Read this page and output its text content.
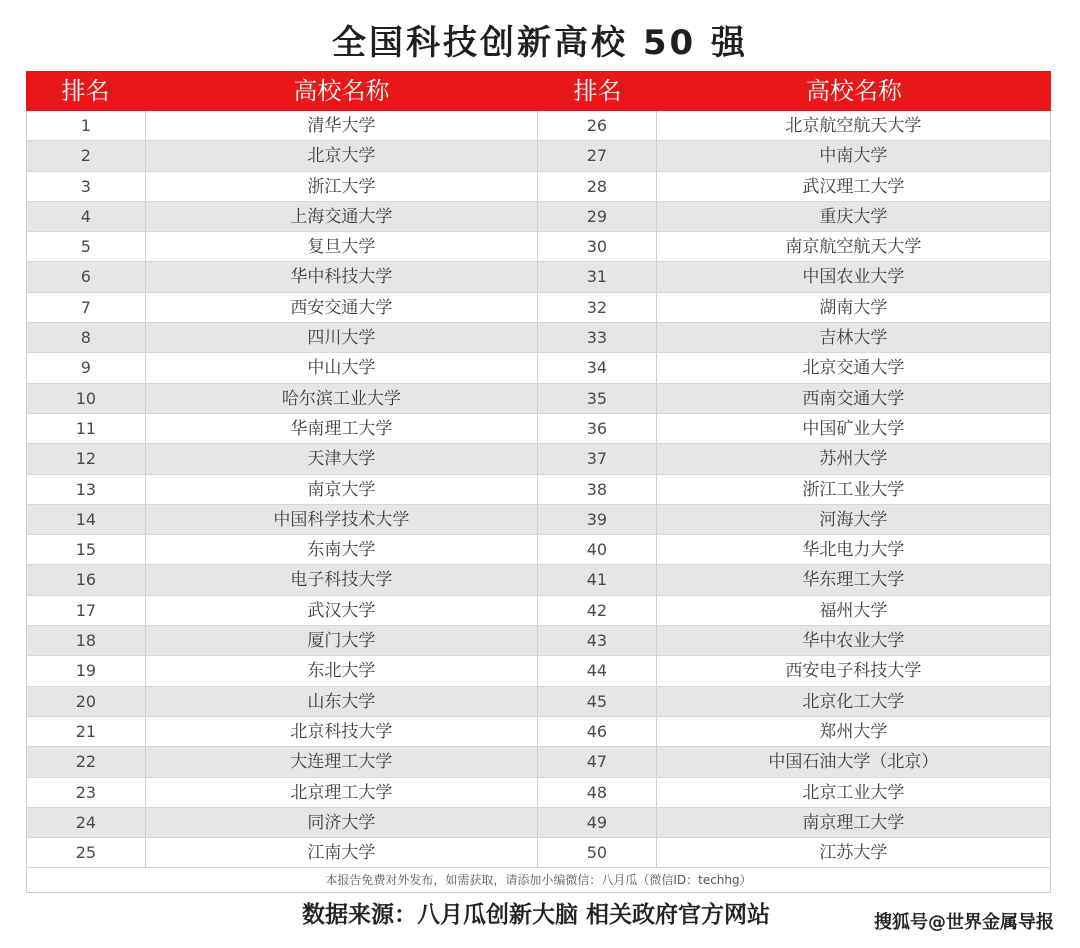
全国科技创新高校 50 强
排名	高校名称	排名	高校名称
1	清华大学	26	北京航空航天大学
2	北京大学	27	中南大学
3	浙江大学	28	武汉理工大学
4	上海交通大学	29	重庆大学
5	复旦大学	30	南京航空航天大学
6	华中科技大学	31	中国农业大学
7	西安交通大学	32	湖南大学
8	四川大学	33	吉林大学
9	中山大学	34	北京交通大学
10	哈尔滨工业大学	35	西南交通大学
11	华南理工大学	36	中国矿业大学
12	天津大学	37	苏州大学
13	南京大学	38	浙江工业大学
14	中国科学技术大学	39	河海大学
15	东南大学	40	华北电力大学
16	电子科技大学	41	华东理工大学
17	武汉大学	42	福州大学
18	厦门大学	43	华中农业大学
19	东北大学	44	西安电子科技大学
20	山东大学	45	北京化工大学
21	北京科技大学	46	郑州大学
22	大连理工大学	47	中国石油大学（北京）
23	北京理工大学	48	北京工业大学
24	同济大学	49	南京理工大学
25	江南大学	50	江苏大学
本报告免费对外发布，如需获取，请添加小编微信：八月瓜（微信ID：techhg）
数据来源：八月瓜创新大脑 相关政府官方网站	搜狐号@世界金属导报
